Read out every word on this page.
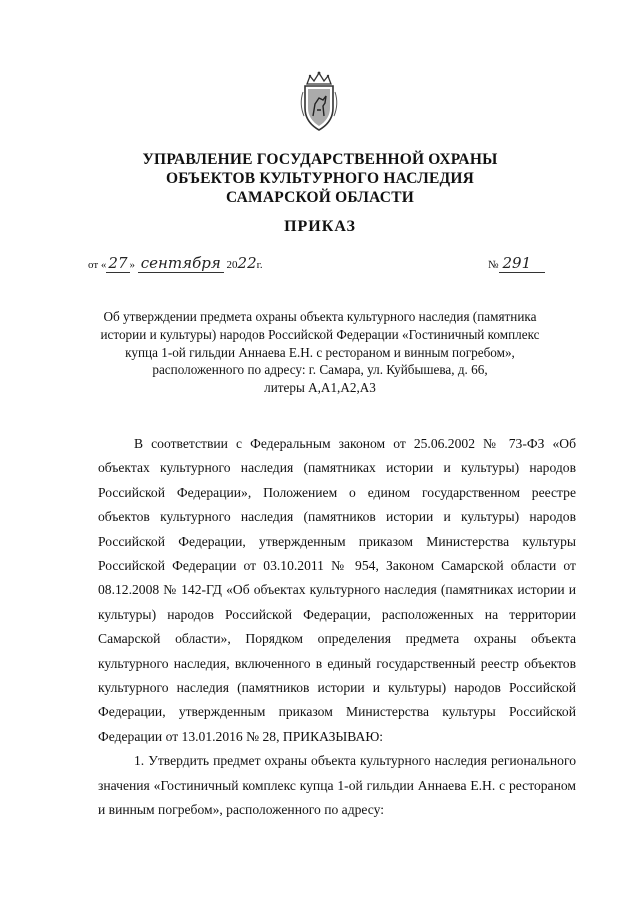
УПРАВЛЕНИЕ ГОСУДАРСТВЕННОЙ ОХРАНЫ
ОБЪЕКТОВ КУЛЬТУРНОГО НАСЛЕДИЯ
САМАРСКОЙ ОБЛАСТИ
ПРИКАЗ
от « 27 » сентября 2022г.	№ 291
Об утверждении предмета охраны объекта культурного наследия (памятника
истории и культуры) народов Российской Федерации «Гостиничный комплекс
купца 1-ой гильдии Аннаева Е.Н. с рестораном и винным погребом»,
расположенного по адресу: г. Самара, ул. Куйбышева, д. 66,
литеры А,А1,А2,А3

В соответствии с Федеральным законом от 25.06.2002 № 73-ФЗ «Об объектах культурного наследия (памятниках истории и культуры) народов Российской Федерации», Положением о едином государственном реестре объектов культурного наследия (памятников истории и культуры) народов Российской Федерации, утвержденным приказом Министерства культуры Российской Федерации от 03.10.2011 № 954, Законом Самарской области от 08.12.2008 № 142-ГД «Об объектах культурного наследия (памятниках истории и культуры) народов Российской Федерации, расположенных на территории Самарской области», Порядком определения предмета охраны объекта культурного наследия, включенного в единый государственный реестр объектов культурного наследия (памятников истории и культуры) народов Российской Федерации, утвержденным приказом Министерства культуры Российской Федерации от 13.01.2016 № 28, ПРИКАЗЫВАЮ:

1. Утвердить предмет охраны объекта культурного наследия регионального значения «Гостиничный комплекс купца 1-ой гильдии Аннаева Е.Н. с рестораном и винным погребом», расположенного по адресу:
